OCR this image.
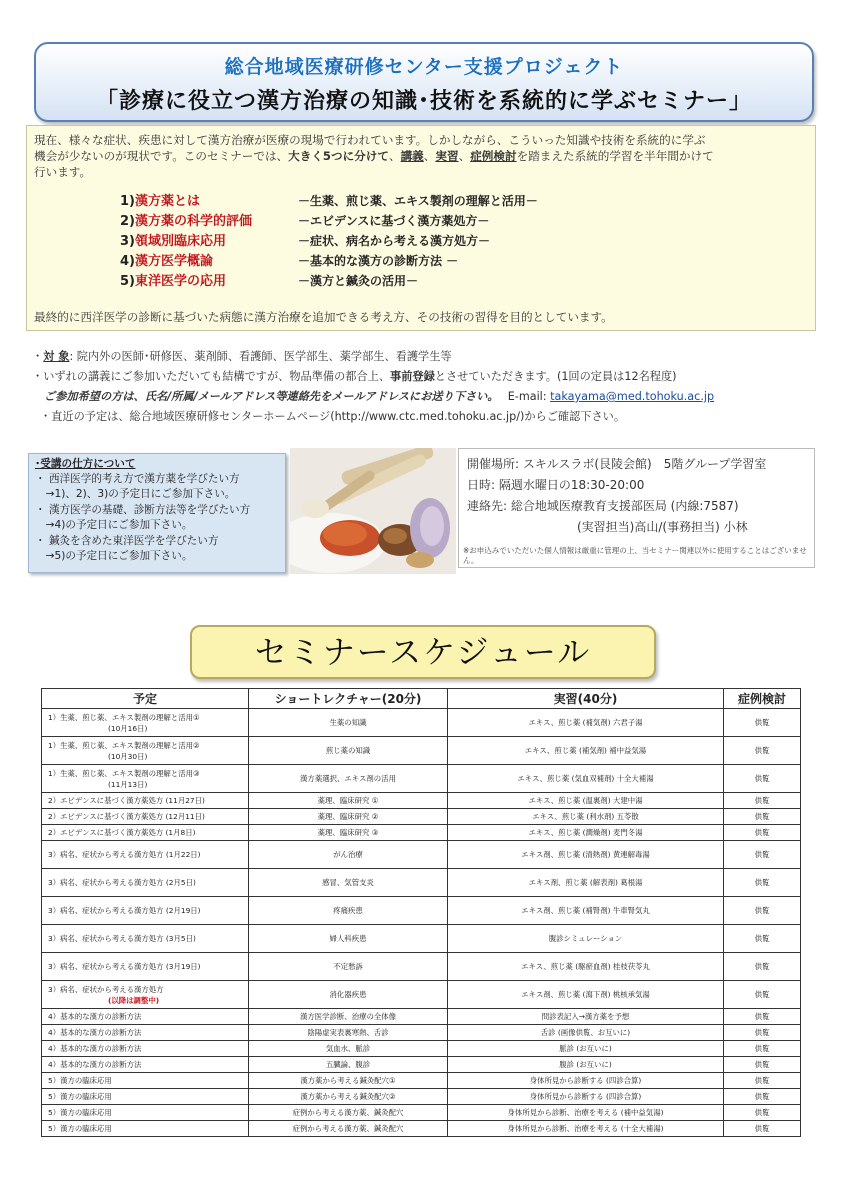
総合地域医療研修センター支援プロジェクト
「診療に役立つ漢方治療の知識･技術を系統的に学ぶセミナー」
現在、様々な症状、疾患に対して漢方治療が医療の現場で行われています。しかしながら、こういった知識や技術を系統的に学ぶ
機会が少ないのが現状です。このセミナーでは、大きく5つに分けて、講義、実習、症例検討を踏まえた系統的学習を半年間かけて
行います。
1)漢方薬とは	－生薬、煎じ薬、エキス製剤の理解と活用－
2)漢方薬の科学的評価	－エビデンスに基づく漢方薬処方－
3)領域別臨床応用	－症状、病名から考える漢方処方－
4)漢方医学概論	－基本的な漢方の診断方法 －
5)東洋医学の応用	－漢方と鍼灸の活用－
最終的に西洋医学の診断に基づいた病態に漢方治療を追加できる考え方、その技術の習得を目的としています。
・対 象: 院内外の医師･研修医、薬剤師、看護師、医学部生、薬学部生、看護学生等
・いずれの講義にご参加いただいても結構ですが、物品準備の都合上、事前登録とさせていただきます。(1回の定員は12名程度)
ご参加希望の方は、氏名/所属/メールアドレス等連絡先をメールアドレスにお送り下さい。　 E-mail: takayama@med.tohoku.ac.jp
・直近の予定は、総合地域医療研修センターホームページ(http://www.ctc.med.tohoku.ac.jp/)からご確認下さい。
･受講の仕方について
・ 西洋医学的考え方で漢方薬を学びたい方
　→1)、2)、3)の予定日にご参加下さい。
・ 漢方医学の基礎、診断方法等を学びたい方
　→4)の予定日にご参加下さい。
・ 鍼灸を含めた東洋医学を学びたい方
　→5)の予定日にご参加下さい。
開催場所: スキルスラボ(艮陵会館)　5階グループ学習室
日時: 隔週水曜日の18:30-20:00
連絡先: 総合地域医療教育支援部医局 (内線:7587)
(実習担当)高山/(事務担当) 小林
※お申込みでいただいた個人情報は厳重に管理の上、当セミナー関連以外に使用することはございません。
セミナースケジュール
予定	ショートレクチャー(20分)	実習(40分)	症例検討

1）生薬、煎じ薬、エキス製剤の理解と活用①
(10月16日)	生薬の知識	エキス、煎じ薬 (補気剤) 六君子湯	供覧

1）生薬、煎じ薬、エキス製剤の理解と活用②
(10月30日)	煎じ薬の知識	エキス、煎じ薬 (補気剤) 補中益気湯	供覧

1）生薬、煎じ薬、エキス製剤の理解と活用③
(11月13日)	漢方薬選択、エキス剤の活用	エキス、煎じ薬 (気血双補剤) 十全大補湯	供覧

2）エビデンスに基づく漢方薬処方 (11月27日)	薬理、臨床研究 ①	エキス、煎じ薬 (温裏剤) 大建中湯	供覧

2）エビデンスに基づく漢方薬処方 (12月11日)	薬理、臨床研究 ②	エキス、煎じ薬 (利水剤) 五苓散	供覧

2）エビデンスに基づく漢方薬処方 (1月8日)	薬理、臨床研究 ③	エキス、煎じ薬 (潤燥剤) 麦門冬湯	供覧

3）病名、症状から考える漢方処方 (1月22日)	がん治療	エキス剤、煎じ薬 (清熱剤) 黄連解毒湯	供覧

3）病名、症状から考える漢方処方 (2月5日)	感冒、気管支炎	エキス剤、煎じ薬 (解表剤) 葛根湯	供覧

3）病名、症状から考える漢方処方 (2月19日)	疼痛疾患	エキス剤、煎じ薬 (補腎剤) 牛車腎気丸	供覧

3）病名、症状から考える漢方処方 (3月5日)	婦人科疾患	腹診シミュレーション	供覧

3）病名、症状から考える漢方処方 (3月19日)	不定愁訴	エキス、煎じ薬 (駆瘀血剤) 桂枝茯苓丸	供覧

3）病名、症状から考える漢方処方
(以降は調整中)	消化器疾患	エキス剤、煎じ薬 (瀉下剤) 桃核承気湯	供覧

4）基本的な漢方の診断方法	漢方医学診断、治療の全体像	問診表記入→漢方薬を予想	供覧

4）基本的な漢方の診断方法	陰陽虚実表裏寒熱、舌診	舌診 (画像供覧、お互いに)	供覧

4）基本的な漢方の診断方法	気血水、脈診	脈診 (お互いに)	供覧

4）基本的な漢方の診断方法	五臓論、腹診	腹診 (お互いに)	供覧

5）漢方の臨床応用	漢方薬から考える鍼灸配穴①	身体所見から診断する (四診合算)	供覧

5）漢方の臨床応用	漢方薬から考える鍼灸配穴②	身体所見から診断する (四診合算)	供覧

5）漢方の臨床応用	症例から考える漢方薬、鍼灸配穴	身体所見から診断、治療を考える (補中益気湯)	供覧

5）漢方の臨床応用	症例から考える漢方薬、鍼灸配穴	身体所見から診断、治療を考える (十全大補湯)	供覧
